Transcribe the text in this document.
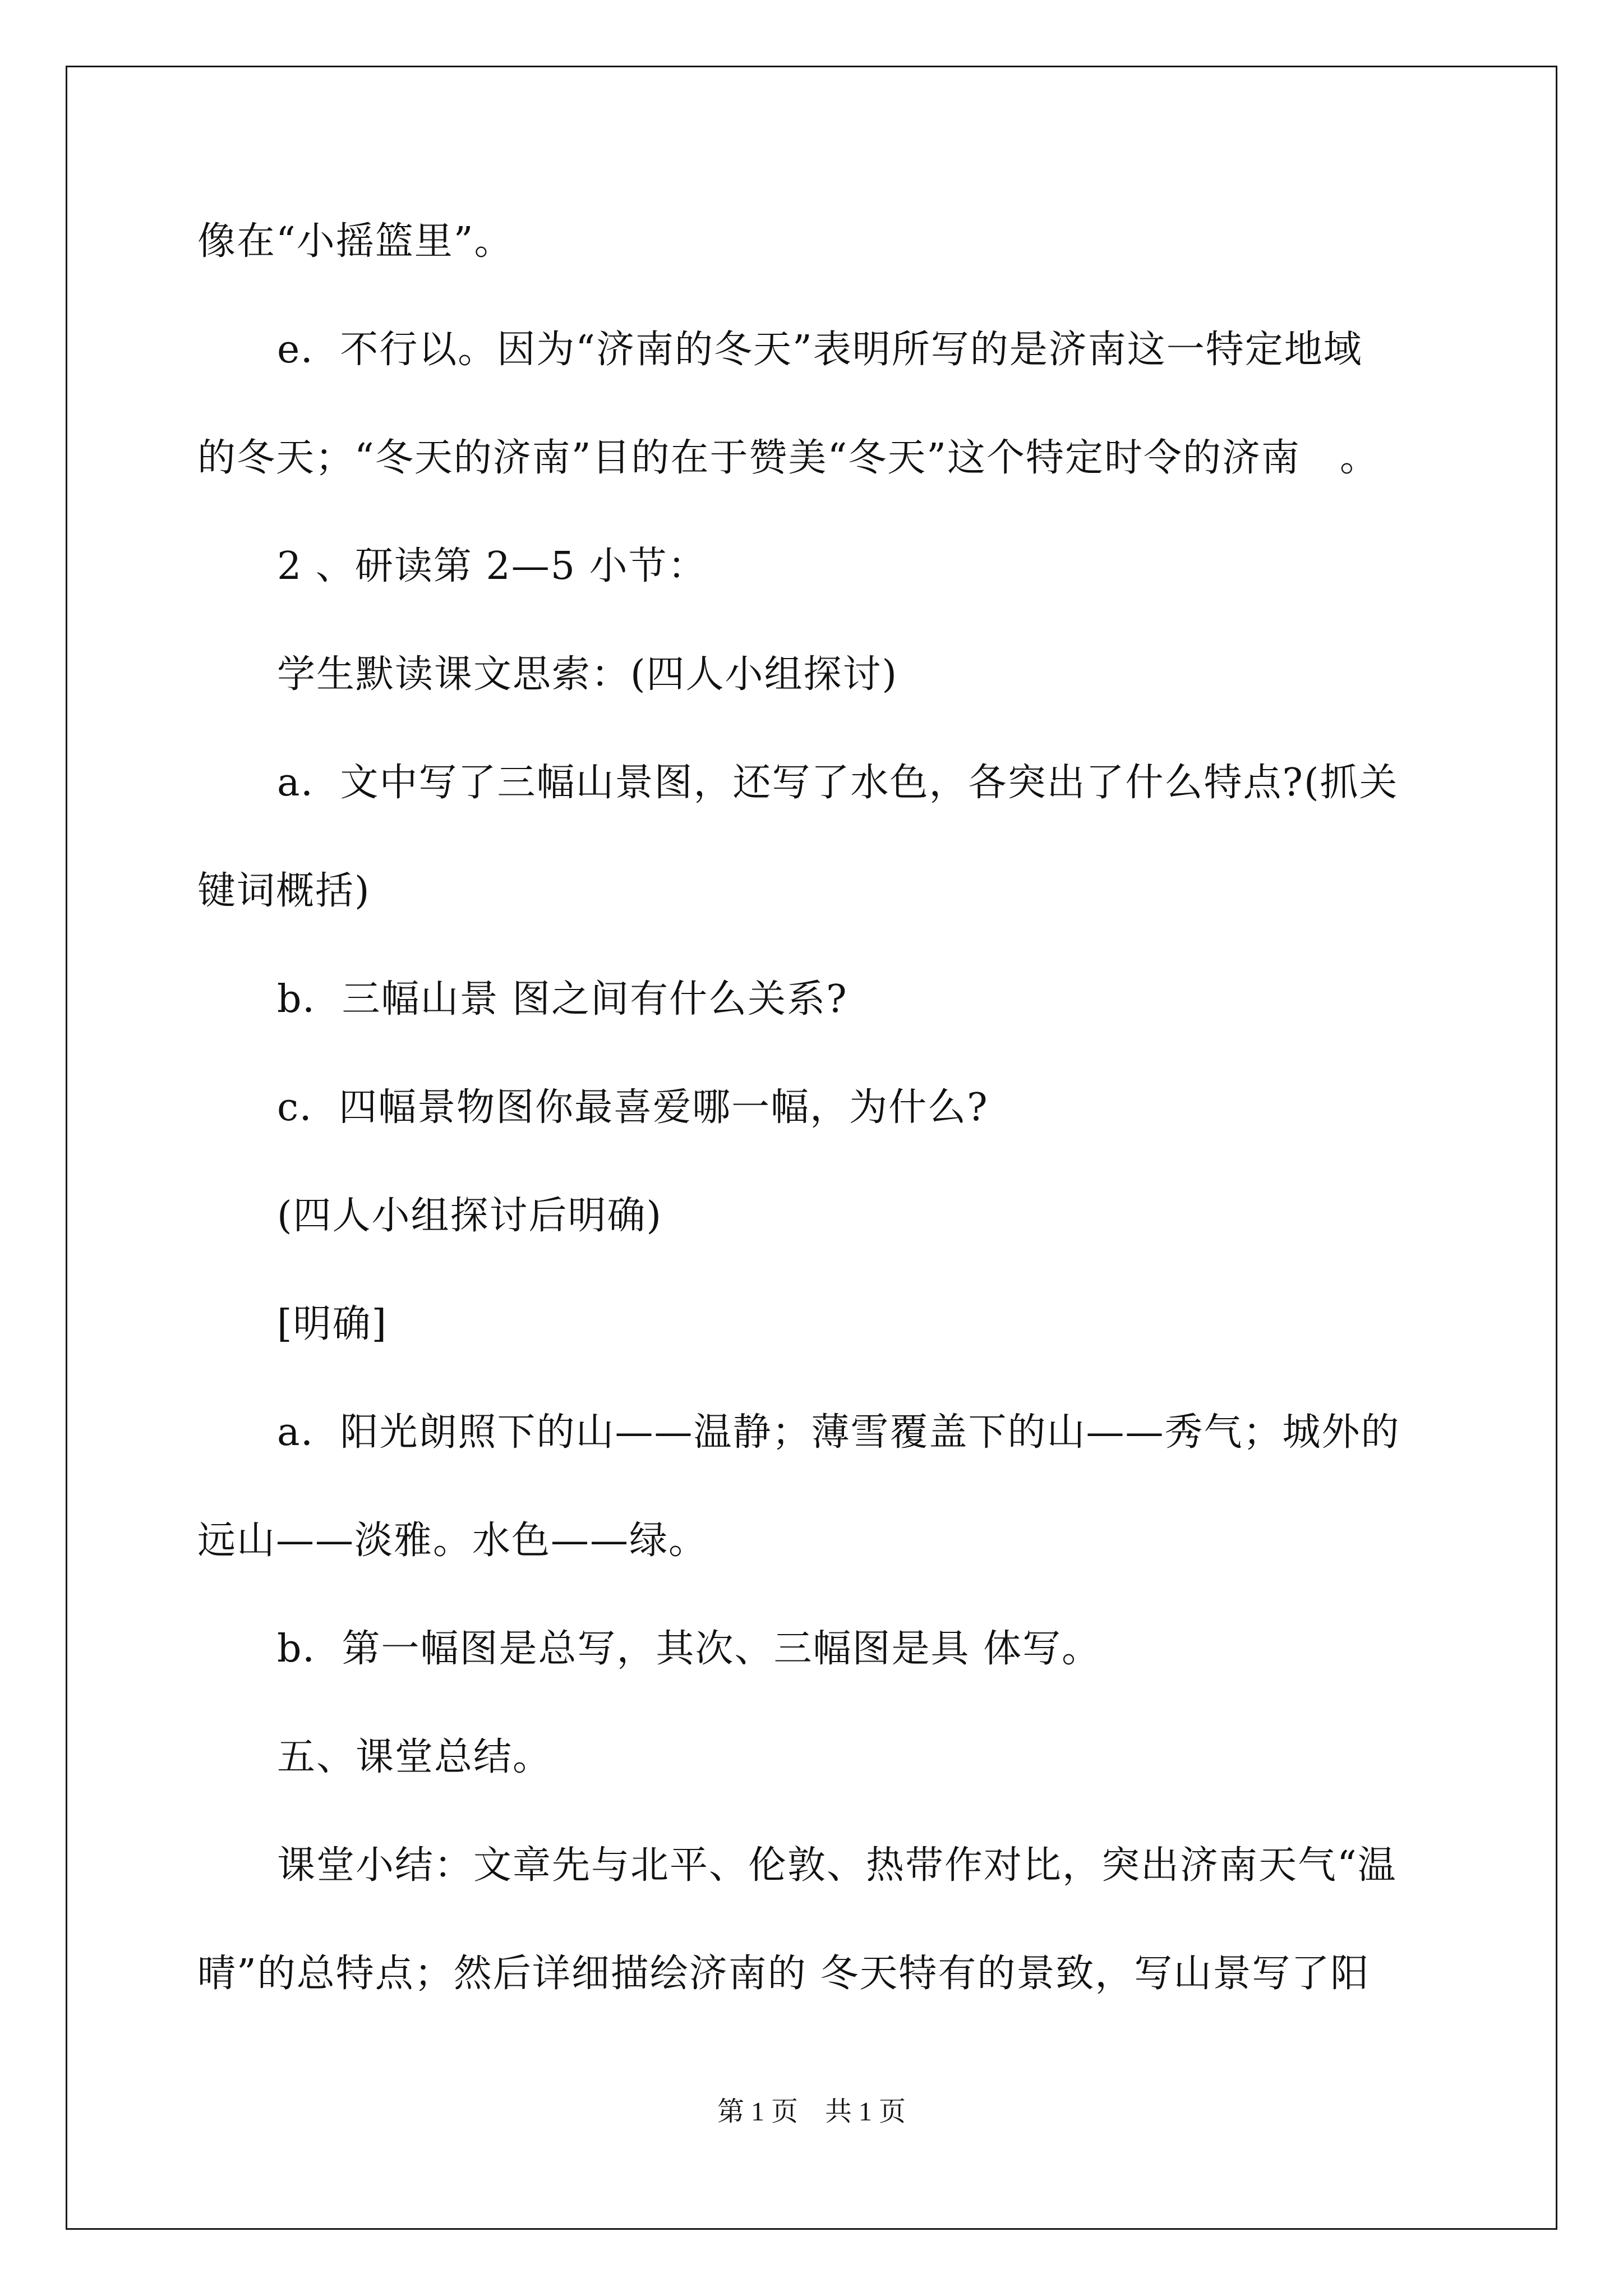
像在“小摇篮里”。

e．不行以。因为“济南的冬天”表明所写的是济南这一特定地域

的冬天；“冬天的济南”目的在于赞美“冬天”这个特定时令的济南　。

2 、研读第 2—5 小节：

学生默读课文思索：(四人小组探讨)

a．文中写了三幅山景图，还写了水色，各突出了什么特点?(抓关

键词概括)

b．三幅山景 图之间有什么关系?

c．四幅景物图你最喜爱哪一幅，为什么?

(四人小组探讨后明确)

[明确]

a．阳光朗照下的山——温静；薄雪覆盖下的山——秀气；城外的

远山——淡雅。水色——绿。

b．第一幅图是总写，其次、三幅图是具 体写。

五、课堂总结。

课堂小结：文章先与北平、伦敦、热带作对比，突出济南天气“温

晴”的总特点；然后详细描绘济南的 冬天特有的景致，写山景写了阳

第 1 页　共 1 页
